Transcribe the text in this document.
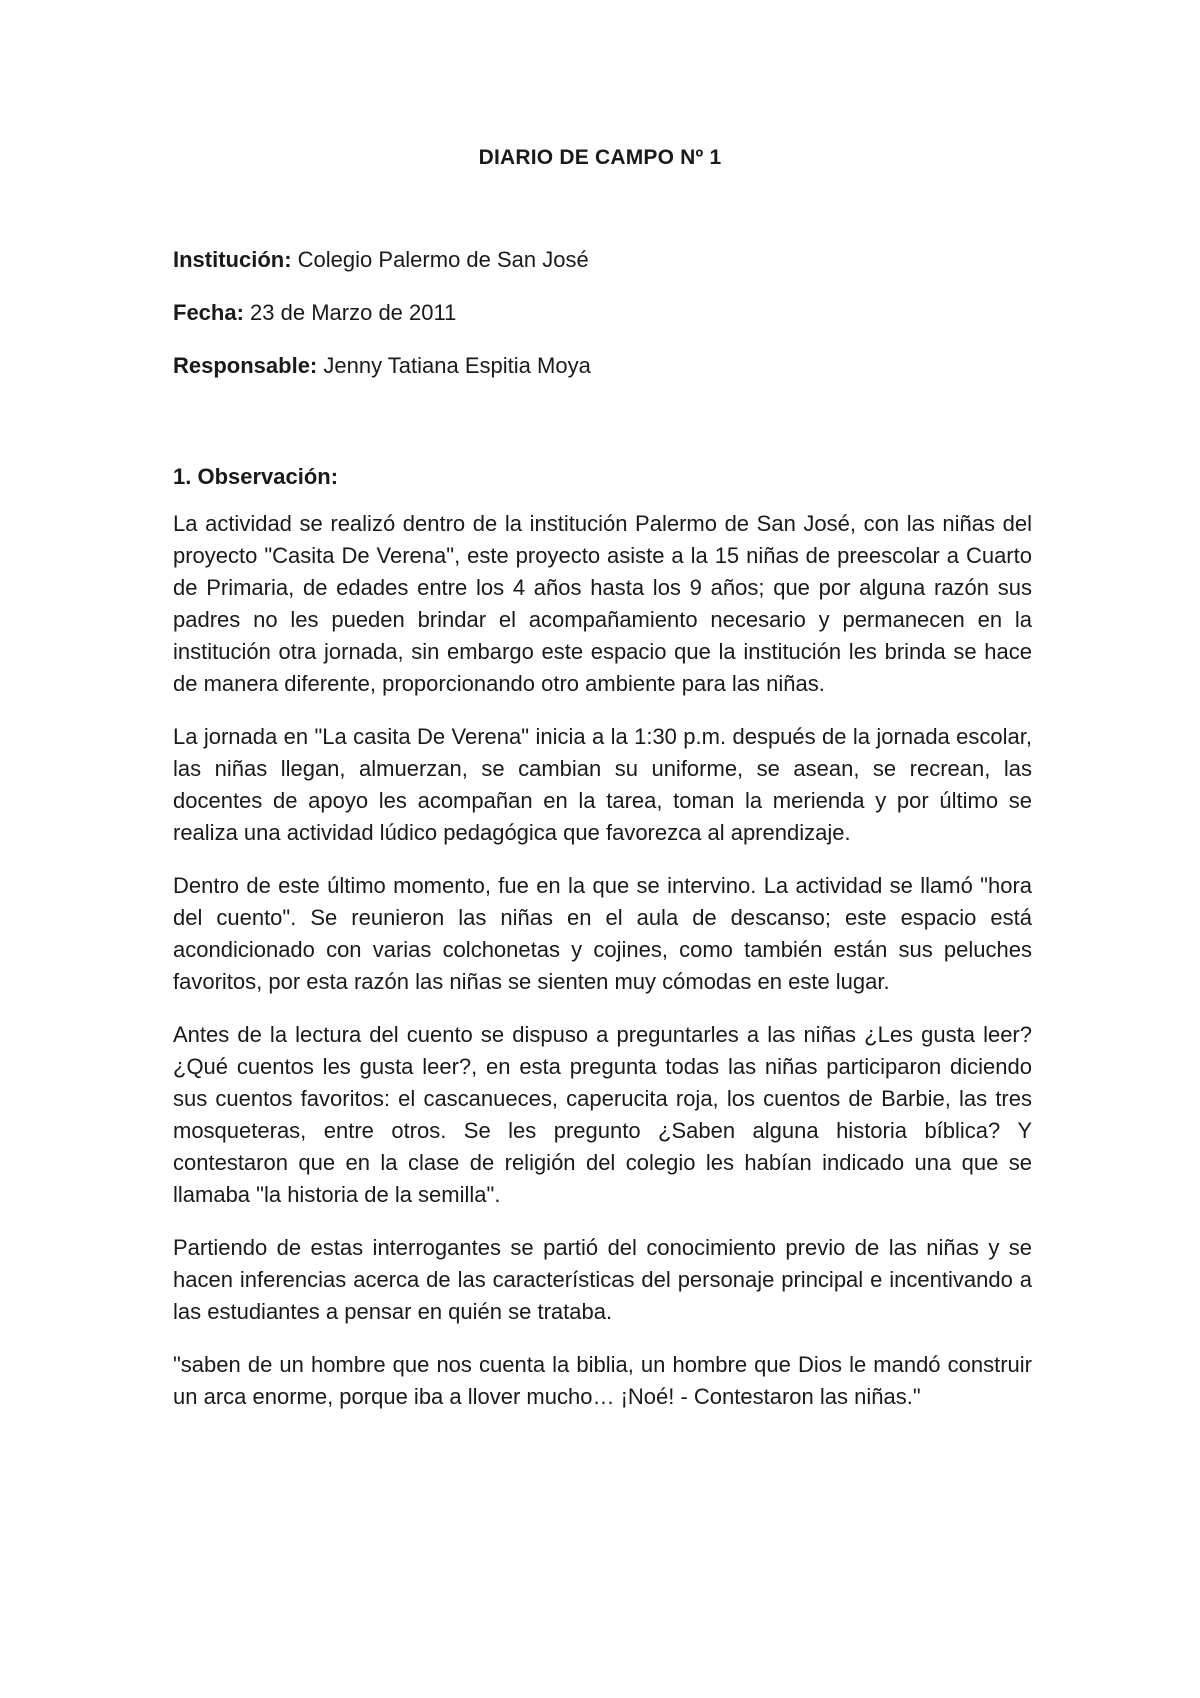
DIARIO DE CAMPO Nº 1
Institución: Colegio Palermo de San José
Fecha: 23 de Marzo de 2011
Responsable: Jenny Tatiana Espitia Moya
1. Observación:

La actividad se realizó dentro de la institución Palermo de San José, con las niñas del proyecto "Casita De Verena", este proyecto asiste a la 15 niñas de preescolar a Cuarto de Primaria, de edades entre los 4 años hasta los 9 años; que por alguna razón sus padres no les pueden brindar el acompañamiento necesario y permanecen en la institución otra jornada, sin embargo este espacio que la institución les brinda se hace de manera diferente, proporcionando otro ambiente para las niñas.

La jornada en "La casita De Verena" inicia a la 1:30 p.m. después de la jornada escolar, las niñas llegan, almuerzan, se cambian su uniforme, se asean, se recrean, las docentes de apoyo les acompañan en la tarea, toman la merienda y por último se realiza una actividad lúdico pedagógica que favorezca al aprendizaje.

Dentro de este último momento, fue en la que se intervino. La actividad se llamó "hora del cuento". Se reunieron las niñas en el aula de descanso; este espacio está acondicionado con varias colchonetas y cojines, como también están sus peluches favoritos, por esta razón las niñas se sienten muy cómodas en este lugar.

Antes de la lectura del cuento se dispuso a preguntarles a las niñas ¿Les gusta leer? ¿Qué cuentos les gusta leer?, en esta pregunta todas las niñas participaron diciendo sus cuentos favoritos: el cascanueces, caperucita roja, los cuentos de Barbie, las tres mosqueteras, entre otros. Se les pregunto ¿Saben alguna historia bíblica? Y contestaron que en la clase de religión del colegio les habían indicado una que se llamaba "la historia de la semilla".

Partiendo de estas interrogantes se partió del conocimiento previo de las niñas y se hacen inferencias acerca de las características del personaje principal e incentivando a las estudiantes a pensar en quién se trataba.

"saben de un hombre que nos cuenta la biblia, un hombre que Dios le mandó construir un arca enorme, porque iba a llover mucho… ¡Noé! - Contestaron las niñas."
